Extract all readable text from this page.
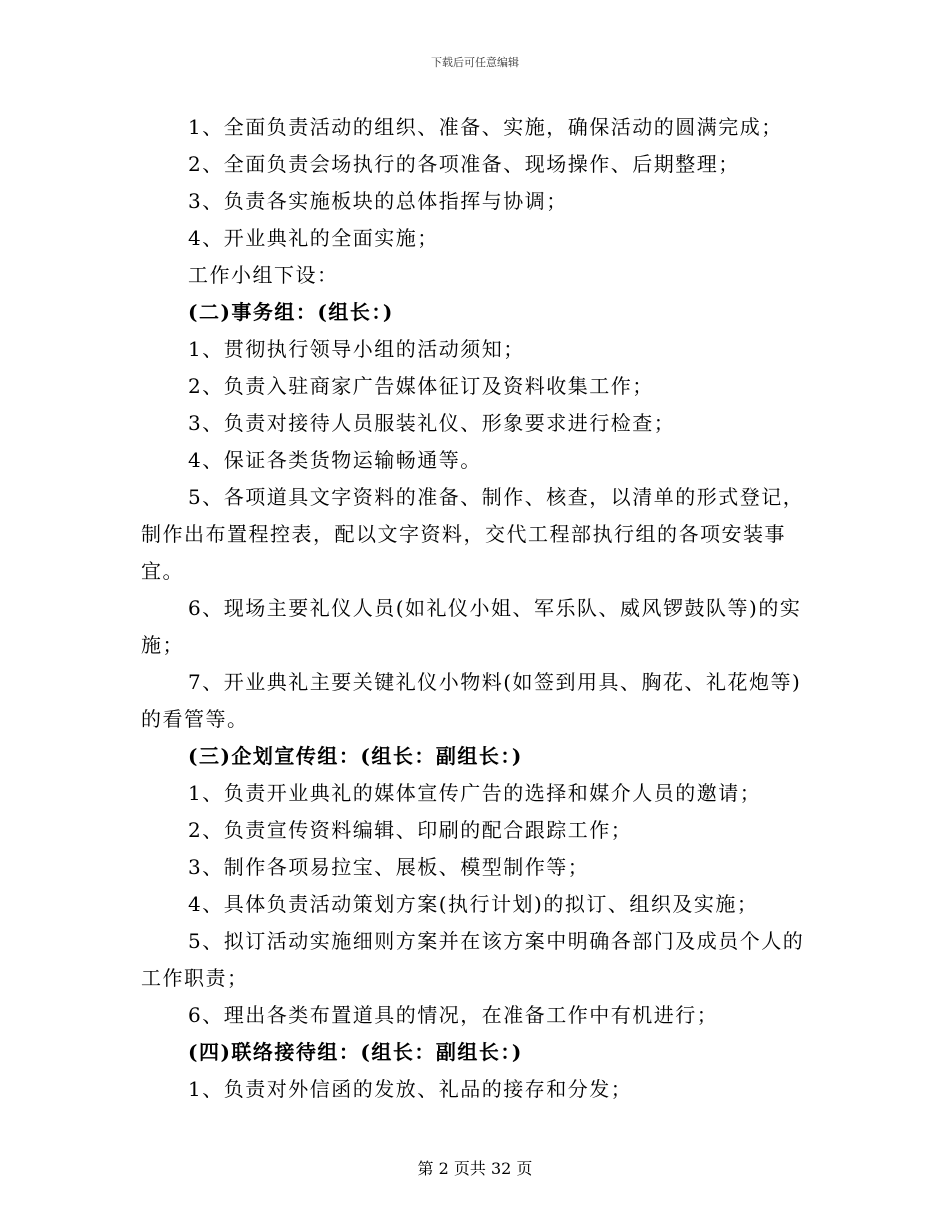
下载后可任意编辑
1、全面负责活动的组织、准备、实施，确保活动的圆满完成；
2、全面负责会场执行的各项准备、现场操作、后期整理；
3、负责各实施板块的总体指挥与协调；
4、开业典礼的全面实施；
工作小组下设：
(二)事务组：(组长：)
1、贯彻执行领导小组的活动须知；
2、负责入驻商家广告媒体征订及资料收集工作；
3、负责对接待人员服装礼仪、形象要求进行检查；
4、保证各类货物运输畅通等。
5、各项道具文字资料的准备、制作、核查，以清单的形式登记，
制作出布置程控表，配以文字资料，交代工程部执行组的各项安装事
宜。
6、现场主要礼仪人员(如礼仪小姐、军乐队、威风锣鼓队等)的实
施；
7、开业典礼主要关键礼仪小物料(如签到用具、胸花、礼花炮等)
的看管等。
(三)企划宣传组：(组长：副组长：)
1、负责开业典礼的媒体宣传广告的选择和媒介人员的邀请；
2、负责宣传资料编辑、印刷的配合跟踪工作；
3、制作各项易拉宝、展板、模型制作等；
4、具体负责活动策划方案(执行计划)的拟订、组织及实施；
5、拟订活动实施细则方案并在该方案中明确各部门及成员个人的
工作职责；
6、理出各类布置道具的情况，在准备工作中有机进行；
(四)联络接待组：(组长：副组长：)
1、负责对外信函的发放、礼品的接存和分发；
第 2 页共 32 页
